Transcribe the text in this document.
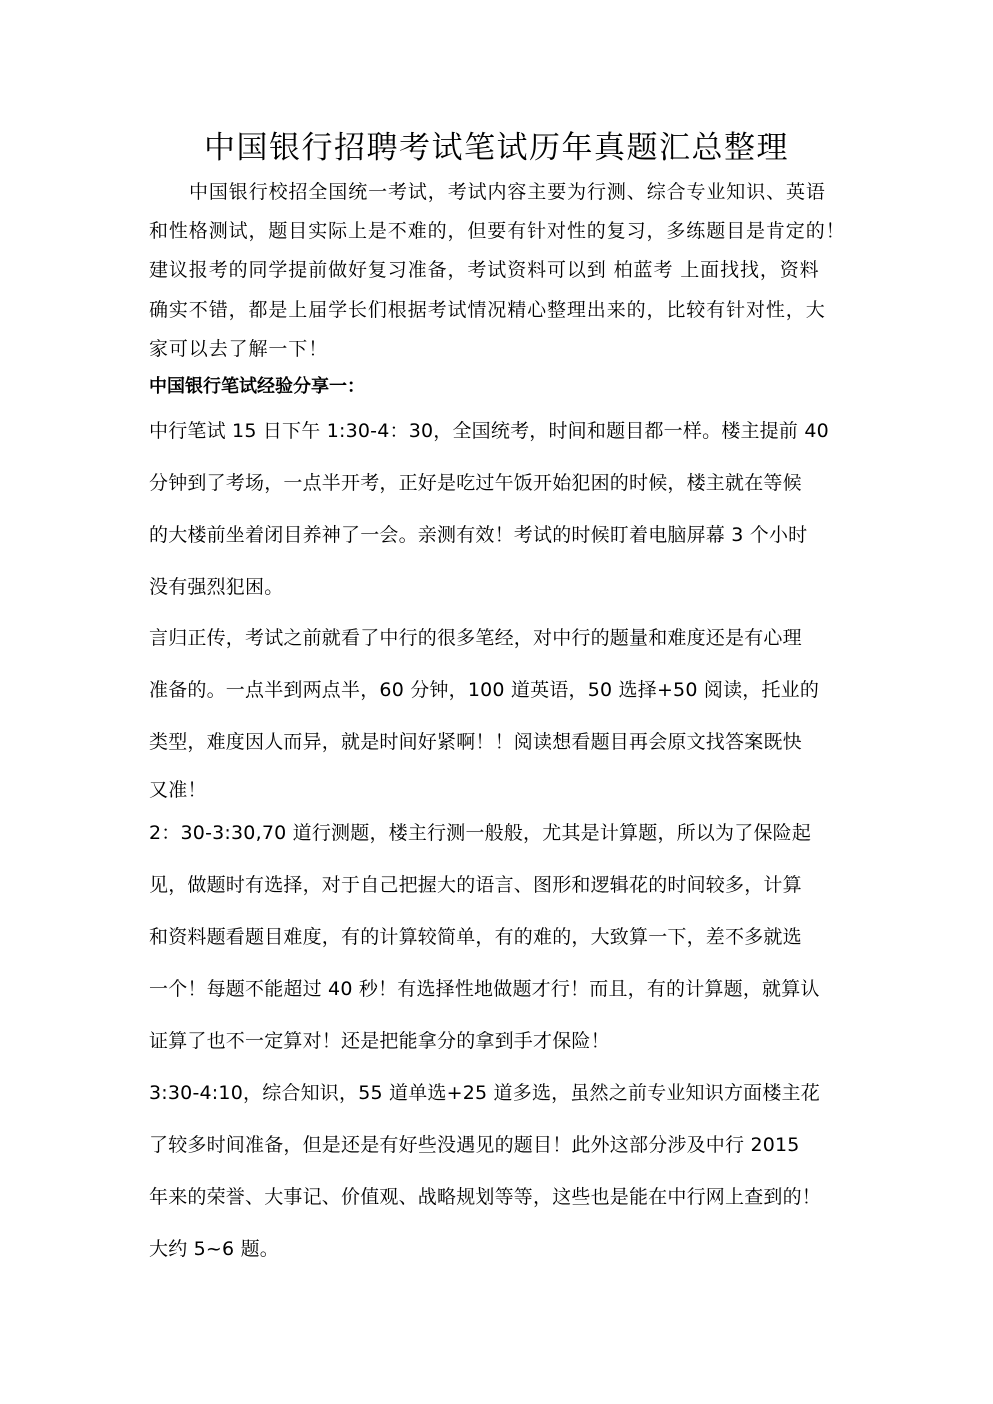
中国银行招聘考试笔试历年真题汇总整理
中国银行校招全国统一考试，考试内容主要为行测、综合专业知识、英语
和性格测试，题目实际上是不难的，但要有针对性的复习，多练题目是肯定的！
建议报考的同学提前做好复习准备，考试资料可以到 柏蓝考 上面找找，资料
确实不错，都是上届学长们根据考试情况精心整理出来的，比较有针对性，大
家可以去了解一下！
中国银行笔试经验分享一：
中行笔试 15 日下午 1:30-4：30，全国统考，时间和题目都一样。楼主提前 40
分钟到了考场，一点半开考，正好是吃过午饭开始犯困的时候，楼主就在等候
的大楼前坐着闭目养神了一会。亲测有效！考试的时候盯着电脑屏幕 3 个小时
没有强烈犯困。
言归正传，考试之前就看了中行的很多笔经，对中行的题量和难度还是有心理
准备的。一点半到两点半，60 分钟，100 道英语，50 选择+50 阅读，托业的
类型，难度因人而异，就是时间好紧啊！！阅读想看题目再会原文找答案既快
又准！
2：30-3:30,70 道行测题，楼主行测一般般，尤其是计算题，所以为了保险起
见，做题时有选择，对于自己把握大的语言、图形和逻辑花的时间较多，计算
和资料题看题目难度，有的计算较简单，有的难的，大致算一下，差不多就选
一个！每题不能超过 40 秒！有选择性地做题才行！而且，有的计算题，就算认
证算了也不一定算对！还是把能拿分的拿到手才保险！
3:30-4:10，综合知识，55 道单选+25 道多选，虽然之前专业知识方面楼主花
了较多时间准备，但是还是有好些没遇见的题目！此外这部分涉及中行 2015
年来的荣誉、大事记、价值观、战略规划等等，这些也是能在中行网上查到的！
大约 5~6 题。
